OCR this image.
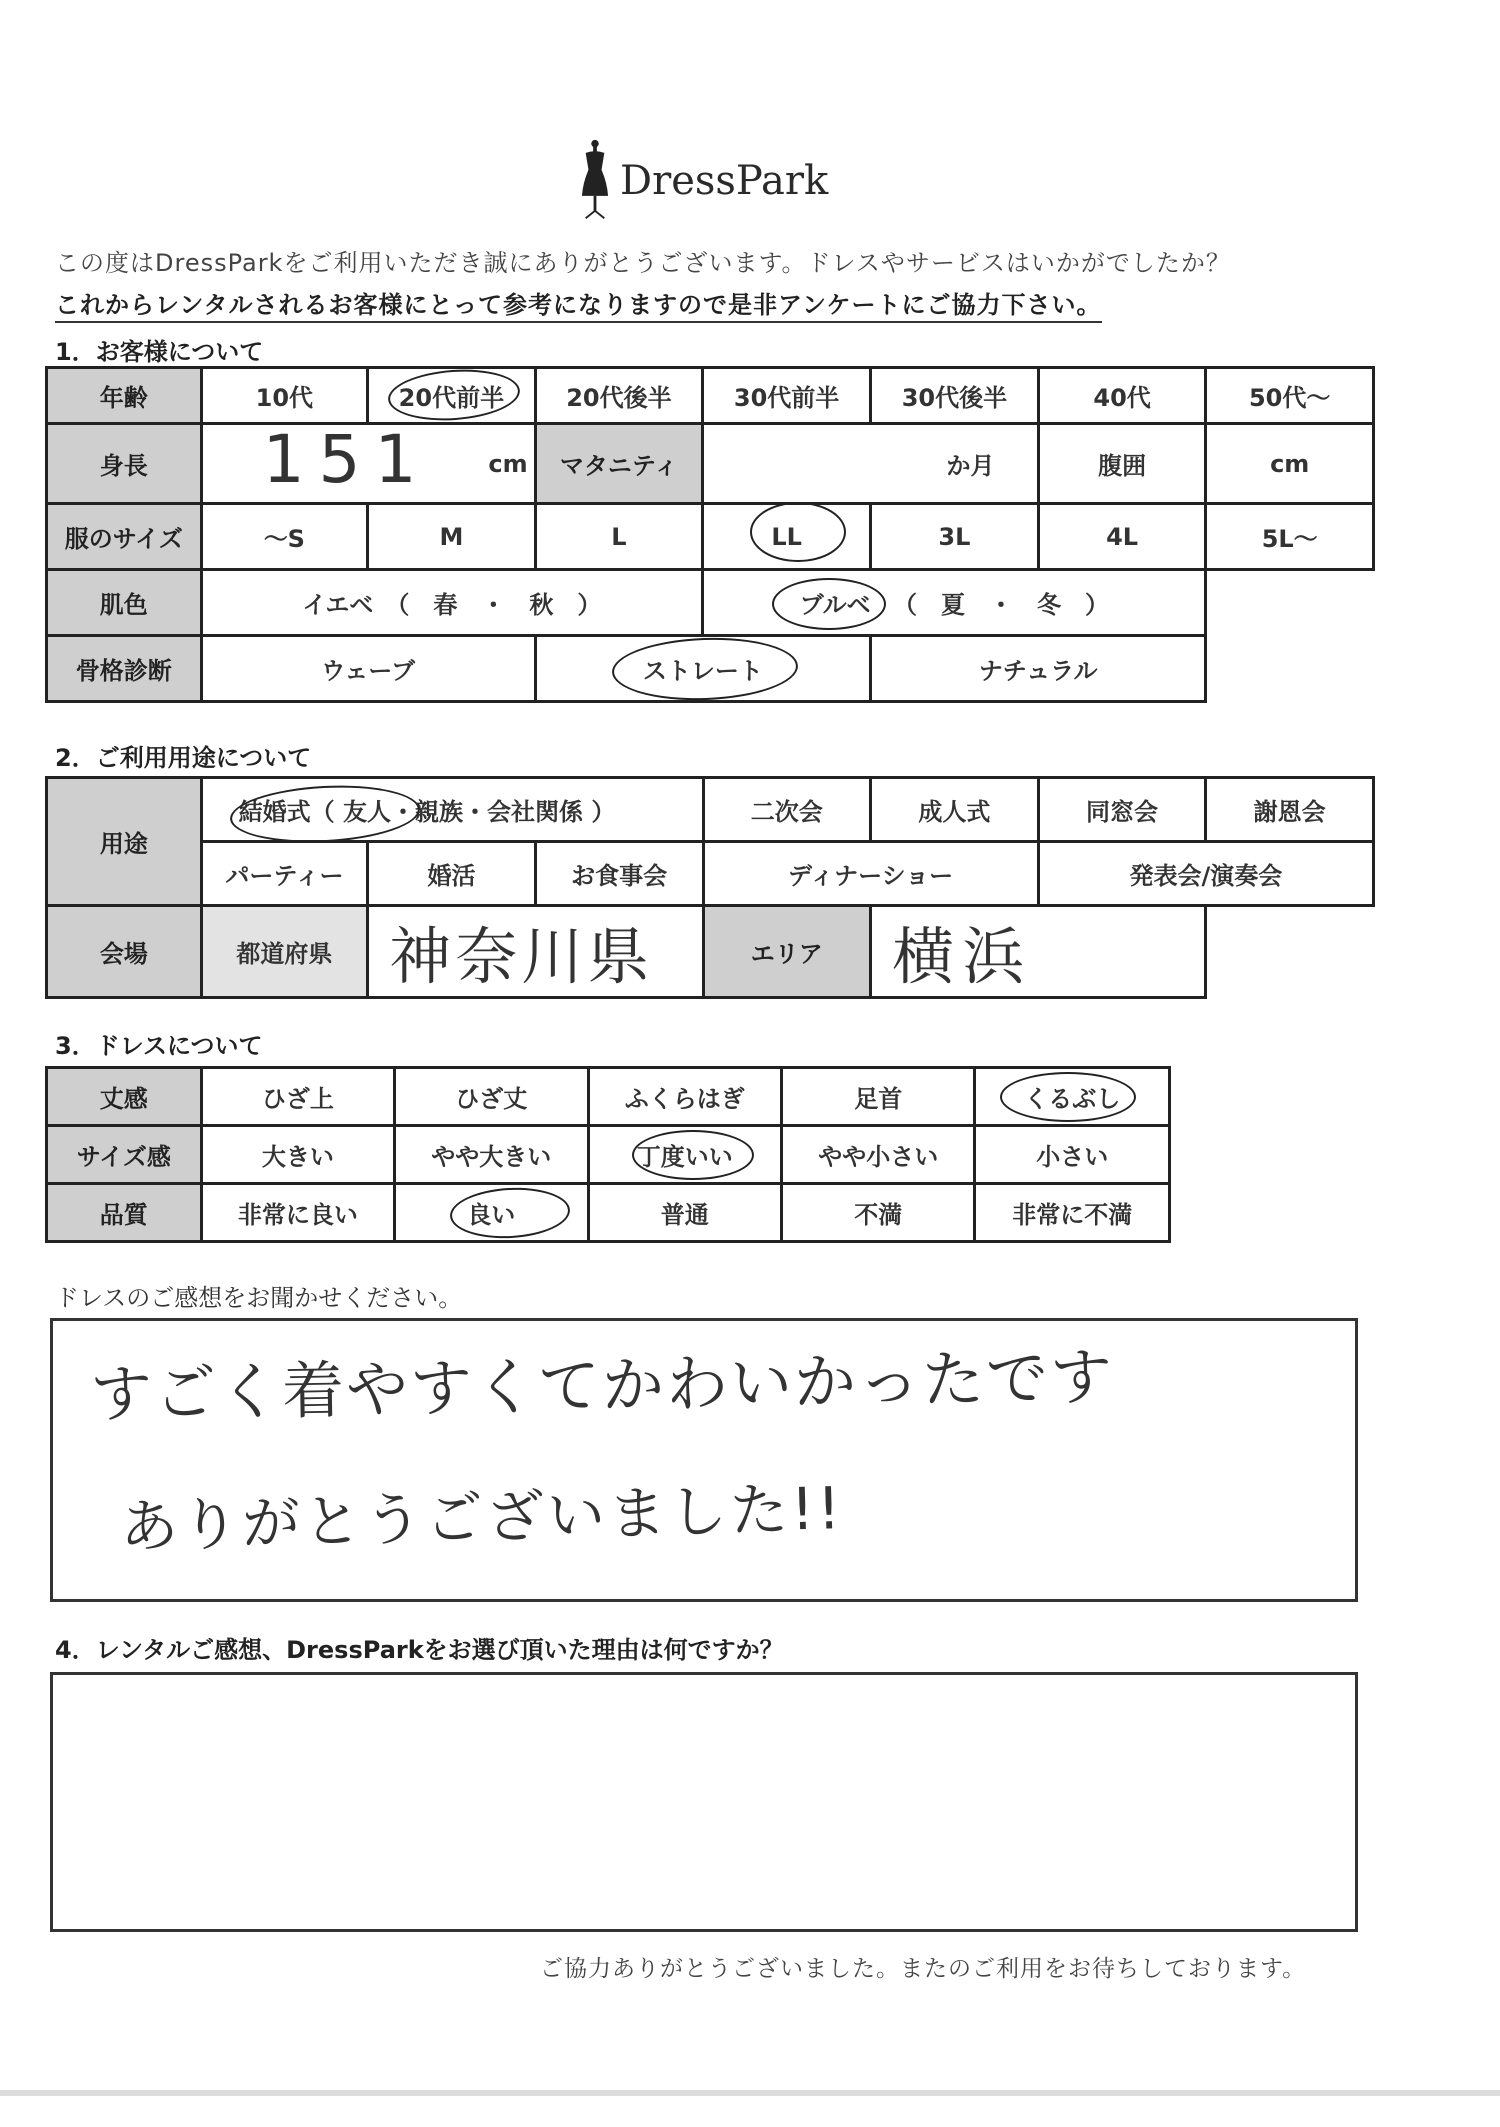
DressPark
この度はDressParkをご利用いただき誠にありがとうございます。ドレスやサービスはいかがでしたか？
これからレンタルされるお客様にとって参考になりますので是非アンケートにご協力下さい。
1．お客様について
年齢	10代	20代前半	20代後半	30代前半	30代後半	40代	50代～
身長	151 cm		マタニティ	か月		腹囲	cm
服のサイズ	～S	M	L	LL	3L	4L	5L～
肌色	イエベ　（　春　・　秋　）			ブルベ （　夏　・　冬　）			
骨格診断	ウェーブ		ストレート		ナチュラル		
2．ご利用用途について
用途	結婚式（ 友人・親族・会社関係 ）			二次会	成人式	同窓会	謝恩会
	パーティー	婚活	お食事会	ディナーショー		発表会/演奏会	
会場	都道府県	神奈川県		エリア	横浜		
3．ドレスについて
丈感	ひざ上	ひざ丈	ふくらはぎ	足首	くるぶし
サイズ感	大きい	やや大きい	丁度いい	やや小さい	小さい
品質	非常に良い	良い	普通	不満	非常に不満
ドレスのご感想をお聞かせください。
すごく着やすくてかわいかったです
ありがとうございました!!
4．レンタルご感想、DressParkをお選び頂いた理由は何ですか？
ご協力ありがとうございました。またのご利用をお待ちしております。
